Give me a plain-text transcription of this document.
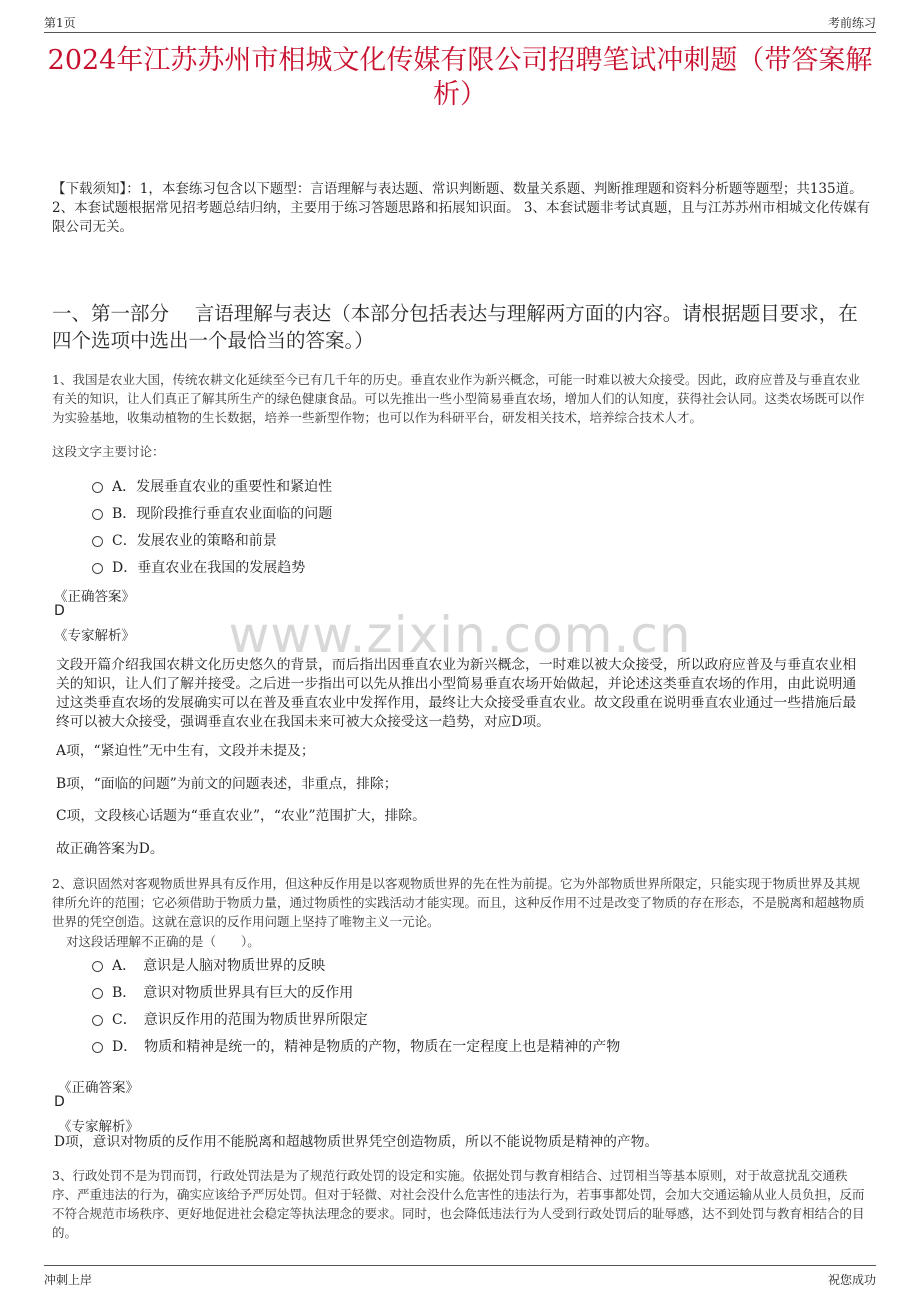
第1页	考前练习
2024年江苏苏州市相城文化传媒有限公司招聘笔试冲刺题（带答案解析）
【下载须知】：1，本套练习包含以下题型：言语理解与表达题、常识判断题、数量关系题、判断推理题和资料分析题等题型；共135道。 2、本套试题根据常见招考题总结归纳，主要用于练习答题思路和拓展知识面。 3、本套试题非考试真题，且与江苏苏州市相城文化传媒有限公司无关。
一、第一部分　 言语理解与表达（本部分包括表达与理解两方面的内容。请根据题目要求，在四个选项中选出一个最恰当的答案。）
www.zixin.com.cn
1、我国是农业大国，传统农耕文化延续至今已有几千年的历史。垂直农业作为新兴概念，可能一时难以被大众接受。因此，政府应普及与垂直农业有关的知识，让人们真正了解其所生产的绿色健康食品。可以先推出一些小型简易垂直农场，增加人们的认知度，获得社会认同。这类农场既可以作为实验基地，收集动植物的生长数据，培养一些新型作物；也可以作为科研平台，研发相关技术，培养综合技术人才。
这段文字主要讨论：
A．发展垂直农业的重要性和紧迫性
B．现阶段推行垂直农业面临的问题
C．发展农业的策略和前景
D．垂直农业在我国的发展趋势
《正确答案》
D
《专家解析》
文段开篇介绍我国农耕文化历史悠久的背景，而后指出因垂直农业为新兴概念，一时难以被大众接受，所以政府应普及与垂直农业相关的知识，让人们了解并接受。之后进一步指出可以先从推出小型简易垂直农场开始做起，并论述这类垂直农场的作用，由此说明通过这类垂直农场的发展确实可以在普及垂直农业中发挥作用，最终让大众接受垂直农业。故文段重在说明垂直农业通过一些措施后最终可以被大众接受，强调垂直农业在我国未来可被大众接受这一趋势，对应D项。
A项，“紧迫性”无中生有，文段并未提及；
B项，“面临的问题”为前文的问题表述，非重点，排除；
C项，文段核心话题为“垂直农业”，“农业”范围扩大，排除。
故正确答案为D。
2、意识固然对客观物质世界具有反作用，但这种反作用是以客观物质世界的先在性为前提。它为外部物质世界所限定，只能实现于物质世界及其规律所允许的范围；它必须借助于物质力量，通过物质性的实践活动才能实现。而且，这种反作用不过是改变了物质的存在形态，不是脱离和超越物质世界的凭空创造。这就在意识的反作用问题上坚持了唯物主义一元论。
对这段话理解不正确的是（　　）。
A．　意识是人脑对物质世界的反映
B．　意识对物质世界具有巨大的反作用
C．　意识反作用的范围为物质世界所限定
D．　物质和精神是统一的，精神是物质的产物，物质在一定程度上也是精神的产物
《正确答案》
D
《专家解析》
D项，意识对物质的反作用不能脱离和超越物质世界凭空创造物质，所以不能说物质是精神的产物。
3、行政处罚不是为罚而罚，行政处罚法是为了规范行政处罚的设定和实施。依据处罚与教育相结合、过罚相当等基本原则，对于故意扰乱交通秩序、严重违法的行为，确实应该给予严厉处罚。但对于轻微、对社会没什么危害性的违法行为，若事事都处罚，会加大交通运输从业人员负担，反而不符合规范市场秩序、更好地促进社会稳定等执法理念的要求。同时，也会降低违法行为人受到行政处罚后的耻辱感，达不到处罚与教育相结合的目的。
冲刺上岸	祝您成功
